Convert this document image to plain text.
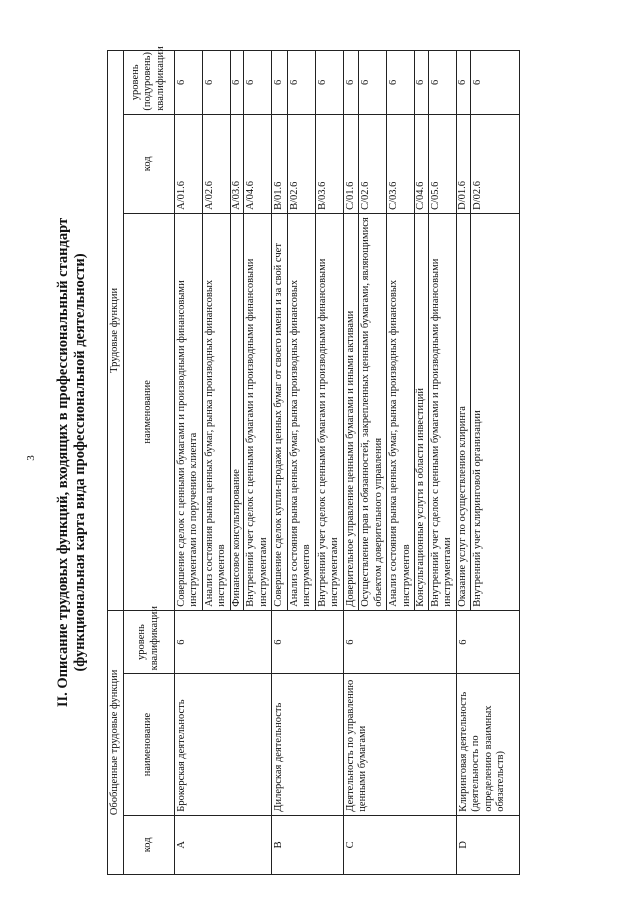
3 II. Описание трудовых функций, входящих в профессиональный стандарт (функциональная карта вида профессиональной деятельности)
Обобщенные трудовые функции			Трудовые функции		
код	наименование	уровень квалификации	наименование	код	уровень (подуровень) квалификации
A	Брокерская деятельность	6	Совершение сделок с ценными бумагами и производными финансовыми инструментами по поручению клиента	A/01.6	6
			Анализ состояния рынка ценных бумаг, рынка производных финансовых инструментов	A/02.6	6
			Финансовое консультирование	A/03.6	6
			Внутренний учет сделок с ценными бумагами и производными финансовыми инструментами	A/04.6	6
B	Дилерская деятельность	6	Совершение сделок купли-продажи ценных бумаг от своего имени и за свой счет	B/01.6	6
			Анализ состояния рынка ценных бумаг, рынка производных финансовых инструментов	B/02.6	6
			Внутренний учет сделок с ценными бумагами и производными финансовыми инструментами	B/03.6	6
C	Деятельность по управлению ценными бумагами	6	Доверительное управление ценными бумагами и иными активами	C/01.6	6
			Осуществление прав и обязанностей, закрепленных ценными бумагами, являющимися объектом доверительного управления	C/02.6	6
			Анализ состояния рынка ценных бумаг, рынка производных финансовых инструментов	C/03.6	6
			Консультационные услуги в области инвестиций	C/04.6	6
			Внутренний учет сделок с ценными бумагами и производными финансовыми инструментами	C/05.6	6
D	Клиринговая деятельность (деятельность по определению взаимных обязательств)	6	Оказание услуг по осуществлению клиринга	D/01.6	6
			Внутренний учет клиринговой организации	D/02.6	6
